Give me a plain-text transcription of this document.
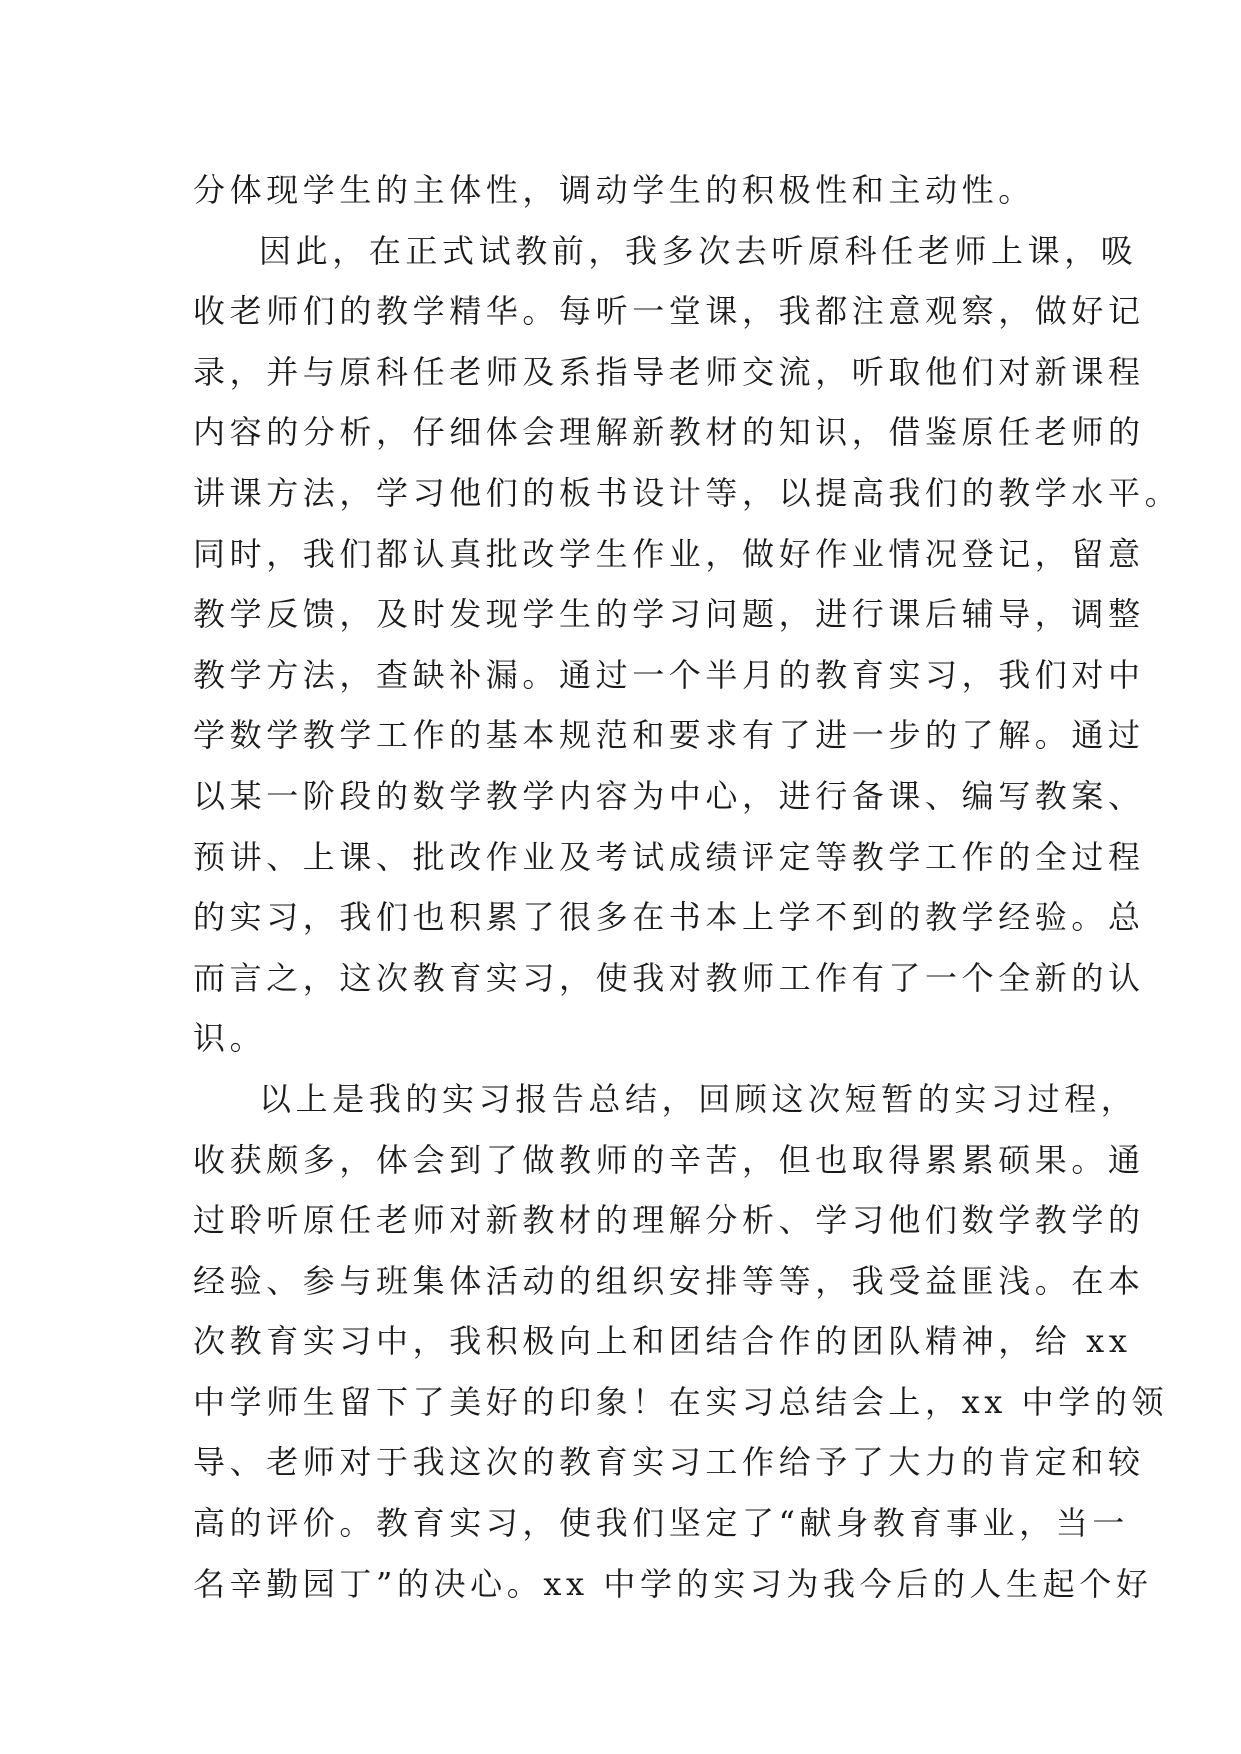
分体现学生的主体性，调动学生的积极性和主动性。
因此，在正式试教前，我多次去听原科任老师上课，吸
收老师们的教学精华。每听一堂课，我都注意观察，做好记
录，并与原科任老师及系指导老师交流，听取他们对新课程
内容的分析，仔细体会理解新教材的知识，借鉴原任老师的
讲课方法，学习他们的板书设计等，以提高我们的教学水平。
同时，我们都认真批改学生作业，做好作业情况登记，留意
教学反馈，及时发现学生的学习问题，进行课后辅导，调整
教学方法，查缺补漏。通过一个半月的教育实习，我们对中
学数学教学工作的基本规范和要求有了进一步的了解。通过
以某一阶段的数学教学内容为中心，进行备课、编写教案、
预讲、上课、批改作业及考试成绩评定等教学工作的全过程
的实习，我们也积累了很多在书本上学不到的教学经验。总
而言之，这次教育实习，使我对教师工作有了一个全新的认
识。
以上是我的实习报告总结，回顾这次短暂的实习过程，
收获颇多，体会到了做教师的辛苦，但也取得累累硕果。通
过聆听原任老师对新教材的理解分析、学习他们数学教学的
经验、参与班集体活动的组织安排等等，我受益匪浅。在本
次教育实习中，我积极向上和团结合作的团队精神，给 xx
中学师生留下了美好的印象！在实习总结会上，xx 中学的领
导、老师对于我这次的教育实习工作给予了大力的肯定和较
高的评价。教育实习，使我们坚定了“献身教育事业，当一
名辛勤园丁”的决心。xx 中学的实习为我今后的人生起个好
